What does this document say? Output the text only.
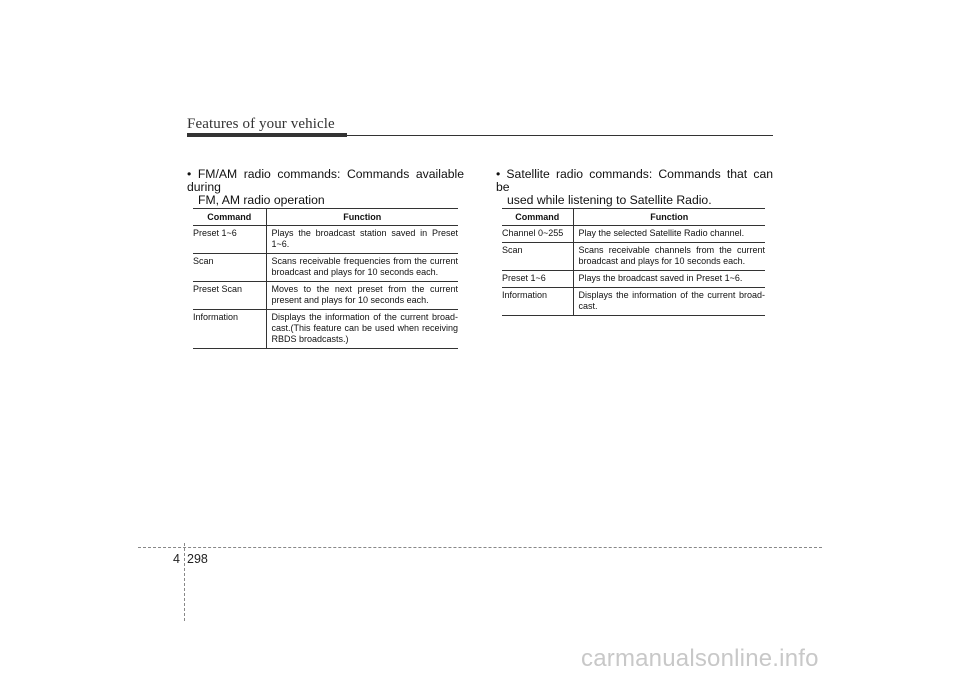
Features of your vehicle
• FM/AM radio commands: Commands available during
FM, AM radio operation
Command	Function
Preset 1~6	Plays the broadcast station saved in Preset 1~6.
Scan	Scans receivable frequencies from the current broadcast and plays for 10 seconds each.
Preset Scan	Moves to the next preset from the current present and plays for 10 seconds each.
Information	Displays the information of the current broad-cast.(This feature can be used when receiving RBDS broadcasts.)
• Satellite radio commands: Commands that can be
used while listening to Satellite Radio.
Command	Function
Channel 0~255	Play the selected Satellite Radio channel.
Scan	Scans receivable channels from the current broadcast and plays for 10 seconds each.
Preset 1~6	Plays the broadcast saved in Preset 1~6.
Information	Displays the information of the current broad-cast.
4 298
carmanualsonline.info
